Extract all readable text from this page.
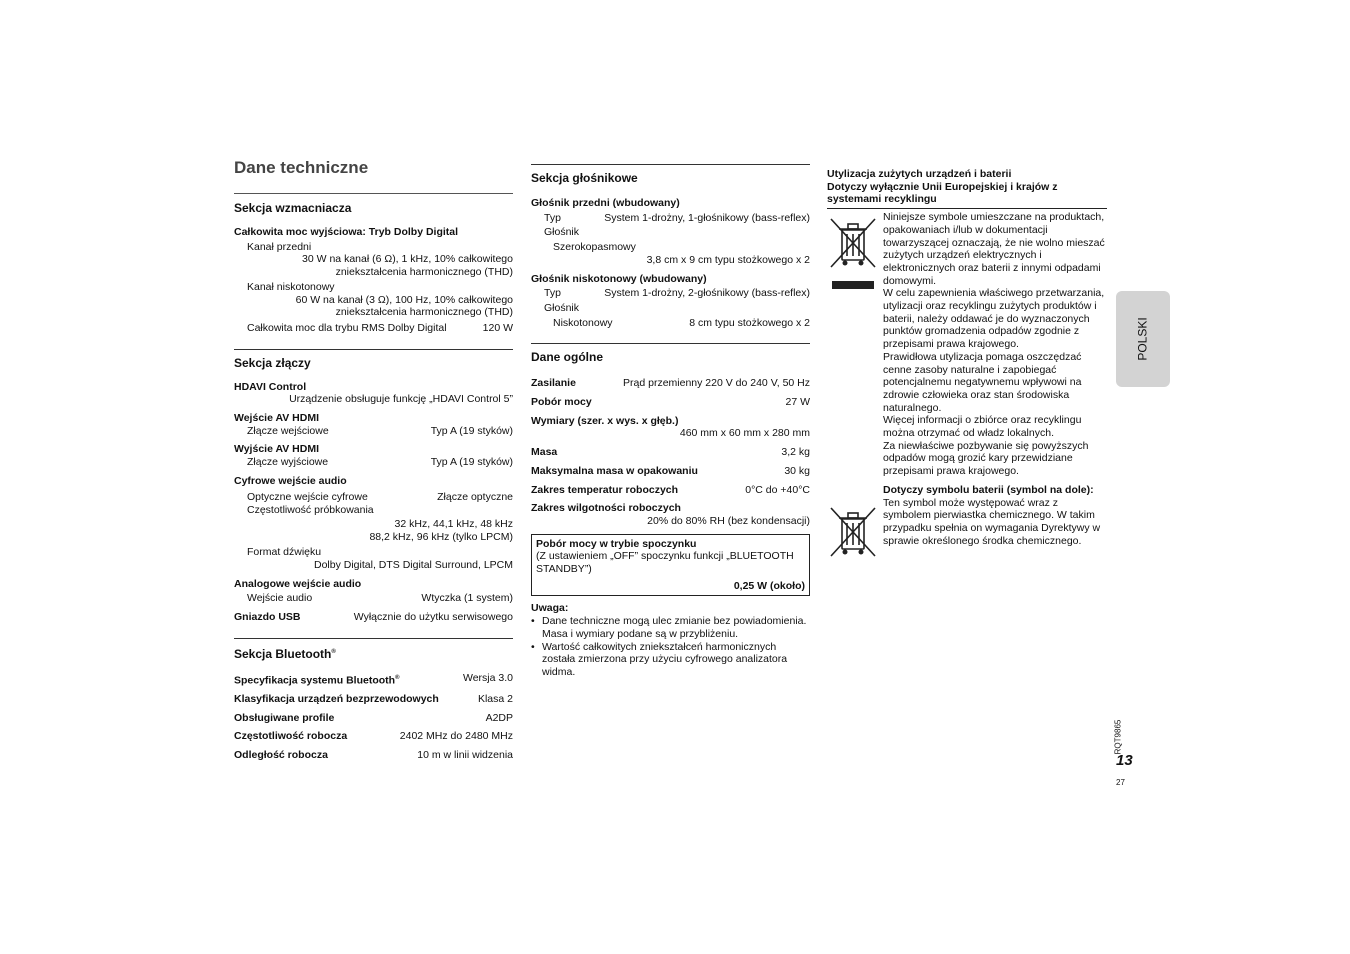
Dane techniczne
Sekcja wzmacniacza
Całkowita moc wyjściowa: Tryb Dolby Digital
Kanał przedni
30 W na kanał (6 Ω), 1 kHz, 10% całkowitego
zniekształcenia harmonicznego (THD)
Kanał niskotonowy
60 W na kanał (3 Ω), 100 Hz, 10% całkowitego
zniekształcenia harmonicznego (THD)
Całkowita moc dla trybu RMS Dolby Digital	120 W
Sekcja złączy
HDAVI Control
Urządzenie obsługuje funkcję „HDAVI Control 5”
Wejście AV HDMI
Złącze wejściowe	Typ A (19 styków)
Wyjście AV HDMI
Złącze wyjściowe	Typ A (19 styków)
Cyfrowe wejście audio
Optyczne wejście cyfrowe	Złącze optyczne
Częstotliwość próbkowania
32 kHz, 44,1 kHz, 48 kHz
88,2 kHz, 96 kHz (tylko LPCM)
Format dźwięku
Dolby Digital, DTS Digital Surround, LPCM
Analogowe wejście audio
Wejście audio	Wtyczka (1 system)
Gniazdo USB	Wyłącznie do użytku serwisowego
Sekcja Bluetooth®
Specyfikacja systemu Bluetooth®	Wersja 3.0
Klasyfikacja urządzeń bezprzewodowych	Klasa 2
Obsługiwane profile	A2DP
Częstotliwość robocza	2402 MHz do 2480 MHz
Odległość robocza	10 m w linii widzenia
Sekcja głośnikowe
Głośnik przedni (wbudowany)
Typ	System 1-drożny, 1-głośnikowy (bass-reflex)
Głośnik
Szerokopasmowy
3,8 cm x 9 cm typu stożkowego x 2
Głośnik niskotonowy (wbudowany)
Typ	System 1-drożny, 2-głośnikowy (bass-reflex)
Głośnik
Niskotonowy	8 cm typu stożkowego x 2
Dane ogólne
Zasilanie	Prąd przemienny 220 V do 240 V, 50 Hz
Pobór mocy	27 W
Wymiary (szer. x wys. x głęb.)
460 mm x 60 mm x 280 mm
Masa	3,2 kg
Maksymalna masa w opakowaniu	30 kg
Zakres temperatur roboczych	0°C do +40°C
Zakres wilgotności roboczych
20% do 80% RH (bez kondensacji)
Pobór mocy w trybie spoczynku
(Z ustawieniem „OFF” spoczynku funkcji „BLUETOOTH STANDBY”)
0,25 W (około)
Uwaga:
• Dane techniczne mogą ulec zmianie bez powiadomienia. Masa i wymiary podane są w przybliżeniu.
• Wartość całkowitych zniekształceń harmonicznych została zmierzona przy użyciu cyfrowego analizatora widma.
Utylizacja zużytych urządzeń i baterii
Dotyczy wyłącznie Unii Europejskiej i krajów z systemami recyklingu
Niniejsze symbole umieszczane na produktach, opakowaniach i/lub w dokumentacji towarzyszącej oznaczają, że nie wolno mieszać zużytych urządzeń elektrycznych i elektronicznych oraz baterii z innymi odpadami domowymi.
W celu zapewnienia właściwego przetwarzania, utylizacji oraz recyklingu zużytych produktów i baterii, należy oddawać je do wyznaczonych punktów gromadzenia odpadów zgodnie z przepisami prawa krajowego.
Prawidłowa utylizacja pomaga oszczędzać cenne zasoby naturalne i zapobiegać potencjalnemu negatywnemu wpływowi na zdrowie człowieka oraz stan środowiska naturalnego.
Więcej informacji o zbiórce oraz recyklingu można otrzymać od władz lokalnych.
Za niewłaściwe pozbywanie się powyższych odpadów mogą grozić kary przewidziane przepisami prawa krajowego.
Dotyczy symbolu baterii (symbol na dole):
Ten symbol może występować wraz z symbolem pierwiastka chemicznego. W takim przypadku spełnia on wymagania Dyrektywy w sprawie określonego środka chemicznego.
POLSKI
RQT9865
13
27
